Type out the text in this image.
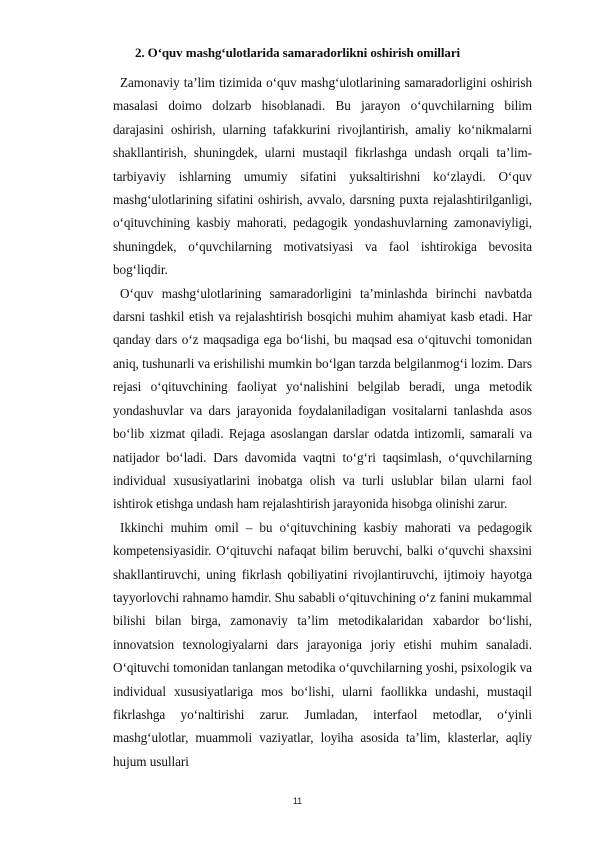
2. O‘quv mashg‘ulotlarida samaradorlikni oshirish omillari

Zamonaviy ta’lim tizimida o‘quv mashg‘ulotlarining samaradorligini oshirish masalasi doimo dolzarb hisoblanadi. Bu jarayon o‘quvchilarning bilim darajasini oshirish, ularning tafakkurini rivojlantirish, amaliy ko‘nikmalarni shakllantirish, shuningdek, ularni mustaqil fikrlashga undash orqali ta’lim-tarbiyaviy ishlarning umumiy sifatini yuksaltirishni ko‘zlaydi. O‘quv mashg‘ulotlarining sifatini oshirish, avvalo, darsning puxta rejalashtirilganligi, o‘qituvchining kasbiy mahorati, pedagogik yondashuvlarning zamonaviyligi, shuningdek, o‘quvchilarning motivatsiyasi va faol ishtirokiga bevosita bog‘liqdir.

O‘quv mashg‘ulotlarining samaradorligini ta’minlashda birinchi navbatda darsni tashkil etish va rejalashtirish bosqichi muhim ahamiyat kasb etadi. Har qanday dars o‘z maqsadiga ega bo‘lishi, bu maqsad esa o‘qituvchi tomonidan aniq, tushunarli va erishilishi mumkin bo‘lgan tarzda belgilanmog‘i lozim. Dars rejasi o‘qituvchining faoliyat yo‘nalishini belgilab beradi, unga metodik yondashuvlar va dars jarayonida foydalaniladigan vositalarni tanlashda asos bo‘lib xizmat qiladi. Rejaga asoslangan darslar odatda intizomli, samarali va natijador bo‘ladi. Dars davomida vaqtni to‘g‘ri taqsimlash, o‘quvchilarning individual xususiyatlarini inobatga olish va turli uslublar bilan ularni faol ishtirok etishga undash ham rejalashtirish jarayonida hisobga olinishi zarur.

Ikkinchi muhim omil – bu o‘qituvchining kasbiy mahorati va pedagogik kompetensiyasidir. O‘qituvchi nafaqat bilim beruvchi, balki o‘quvchi shaxsini shakllantiruvchi, uning fikrlash qobiliyatini rivojlantiruvchi, ijtimoiy hayotga tayyorlovchi rahnamo hamdir. Shu sababli o‘qituvchining o‘z fanini mukammal bilishi bilan birga, zamonaviy ta’lim metodikalaridan xabardor bo‘lishi, innovatsion texnologiyalarni dars jarayoniga joriy etishi muhim sanaladi. O‘qituvchi tomonidan tanlangan metodika o‘quvchilarning yoshi, psixologik va individual xususiyatlariga mos bo‘lishi, ularni faollikka undashi, mustaqil fikrlashga yo‘naltirishi zarur. Jumladan, interfaol metodlar, o‘yinli mashg‘ulotlar, muammoli vaziyatlar, loyiha asosida ta’lim, klasterlar, aqliy hujum usullari

11
